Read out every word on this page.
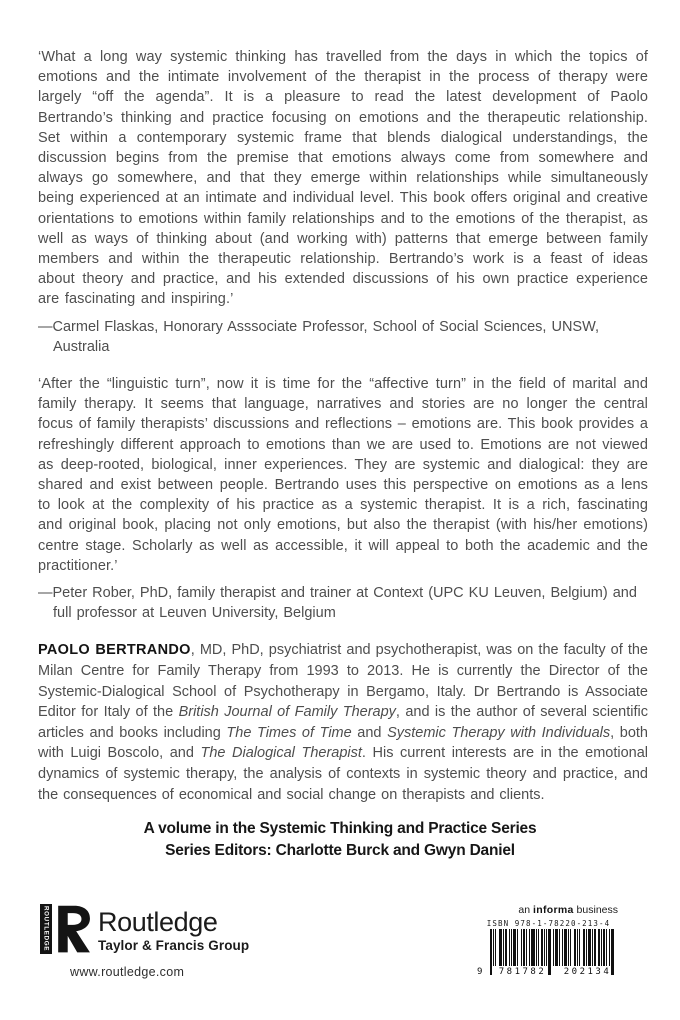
‘What a long way systemic thinking has travelled from the days in which the topics of emotions and the intimate involvement of the therapist in the process of therapy were largely “off the agenda”. It is a pleasure to read the latest development of Paolo Bertrando’s thinking and practice focusing on emotions and the therapeutic relationship. Set within a contemporary systemic frame that blends dialogical understandings, the discussion begins from the premise that emotions always come from somewhere and always go somewhere, and that they emerge within relationships while simultaneously being experienced at an intimate and individual level. This book offers original and creative orientations to emotions within family relationships and to the emotions of the therapist, as well as ways of thinking about (and working with) patterns that emerge between family members and within the therapeutic relationship. Bertrando’s work is a feast of ideas about theory and practice, and his extended discussions of his own practice experience are fascinating and inspiring.’

—Carmel Flaskas, Honorary Asssociate Professor, School of Social Sciences, UNSW, Australia

‘After the “linguistic turn”, now it is time for the “affective turn” in the field of marital and family therapy. It seems that language, narratives and stories are no longer the central focus of family therapists’ discussions and reflections – emotions are. This book provides a refreshingly different approach to emotions than we are used to. Emotions are not viewed as deep-rooted, biological, inner experiences. They are systemic and dialogical: they are shared and exist between people. Bertrando uses this perspective on emotions as a lens to look at the complexity of his practice as a systemic therapist. It is a rich, fascinating and original book, placing not only emotions, but also the therapist (with his/her emotions) centre stage. Scholarly as well as accessible, it will appeal to both the academic and the practitioner.’

—Peter Rober, PhD, family therapist and trainer at Context (UPC KU Leuven, Belgium) and full professor at Leuven University, Belgium

PAOLO BERTRANDO, MD, PhD, psychiatrist and psychotherapist, was on the faculty of the Milan Centre for Family Therapy from 1993 to 2013. He is currently the Director of the Systemic-Dialogical School of Psychotherapy in Bergamo, Italy. Dr Bertrando is Associate Editor for Italy of the British Journal of Family Therapy, and is the author of several scientific articles and books including The Times of Time and Systemic Therapy with Individuals, both with Luigi Boscolo, and The Dialogical Therapist. His current interests are in the emotional dynamics of systemic therapy, the analysis of contexts in systemic theory and practice, and the consequences of economical and social change on therapists and clients.

A volume in the Systemic Thinking and Practice Series
Series Editors: Charlotte Burck and Gwyn Daniel
ROUTLEDGE Routledge
Taylor & Francis Group
www.routledge.com
an informa business
ISBN 978-1-78220-213-4
9	781782	202134
